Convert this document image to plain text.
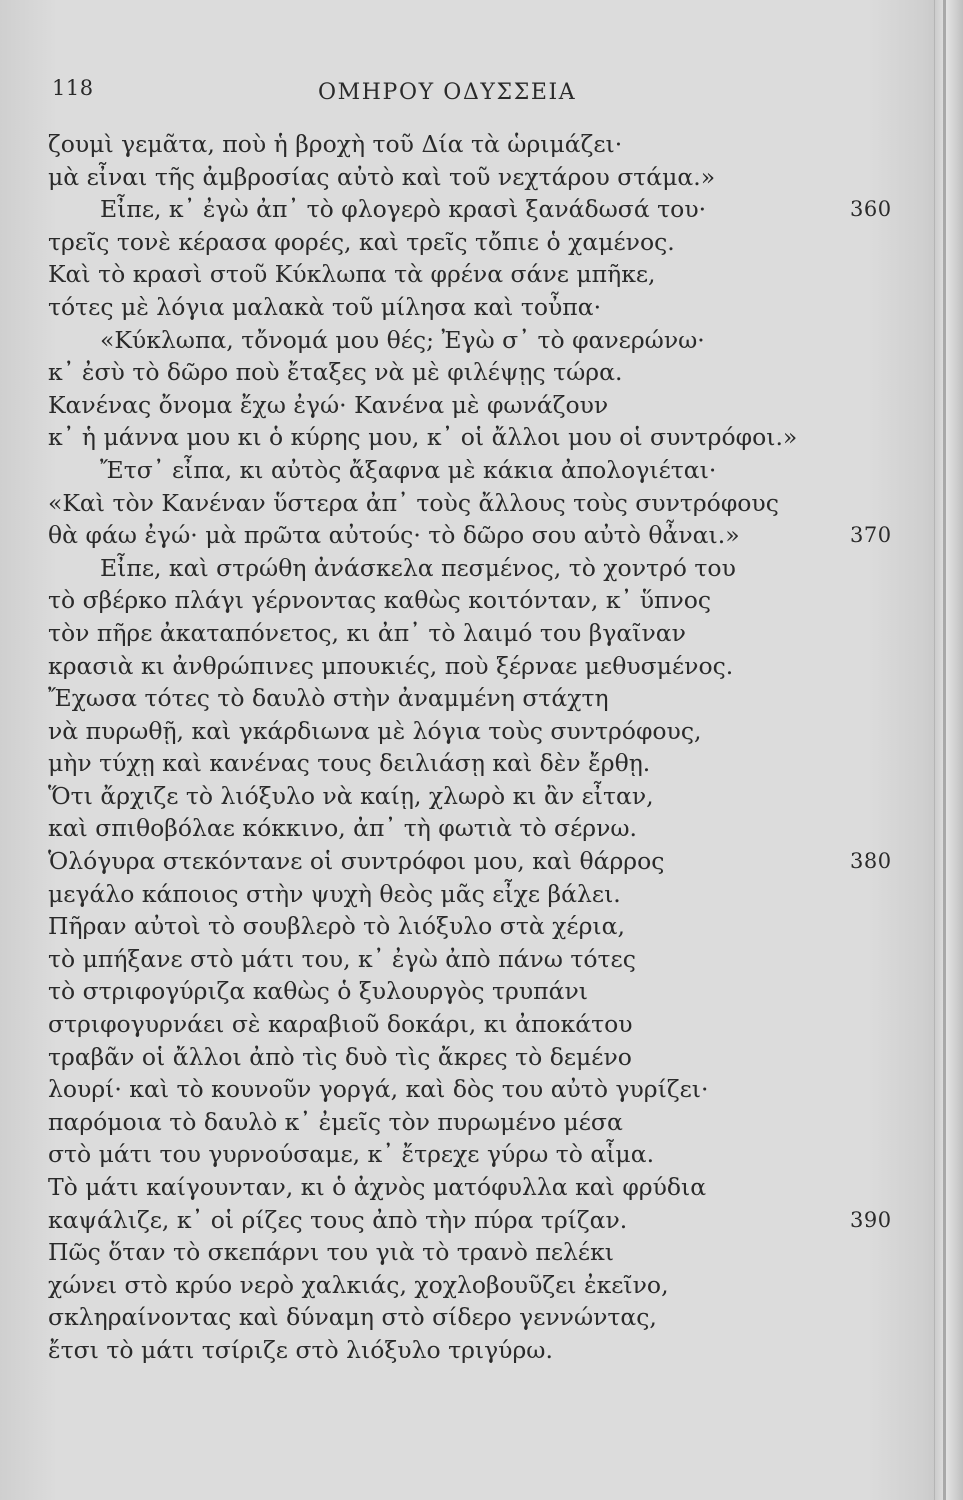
118	ΟΜΗΡΟΥ ΟΔΥΣΣΕΙΑ
ζουμὶ γεμᾶτα, ποὺ ἡ βροχὴ τοῦ Δία τὰ ὡριμάζει·
μὰ εἶναι τῆς ἀμβροσίας αὐτὸ καὶ τοῦ νεχτάρου στάμα.»
Εἶπε, κ᾽ ἐγὼ ἀπ᾽ τὸ φλογερὸ κρασὶ ξανάδωσά του·	360
τρεῖς τονὲ κέρασα φορές, καὶ τρεῖς τὄπιε ὁ χαμένος.
Καὶ τὸ κρασὶ στοῦ Κύκλωπα τὰ φρένα σάνε μπῆκε,
τότες μὲ λόγια μαλακὰ τοῦ μίλησα καὶ τοὖπα·
«Κύκλωπα, τὄνομά μου θές; Ἐγὼ σ᾽ τὸ φανερώνω·
κ᾽ ἐσὺ τὸ δῶρο ποὺ ἔταξες νὰ μὲ φιλέψῃς τώρα.
Κανένας ὄνομα ἔχω ἐγώ· Κανένα μὲ φωνάζουν
κ᾽ ἡ μάννα μου κι ὁ κύρης μου, κ᾽ οἱ ἄλλοι μου οἱ συντρόφοι.»
Ἔτσ᾽ εἶπα, κι αὐτὸς ἄξαφνα μὲ κάκια ἀπολογιέται·
«Καὶ τὸν Κανέναν ὕστερα ἀπ᾽ τοὺς ἄλλους τοὺς συντρόφους
θὰ φάω ἐγώ· μὰ πρῶτα αὐτούς· τὸ δῶρο σου αὐτὸ θἆναι.»	370
Εἶπε, καὶ στρώθη ἀνάσκελα πεσμένος, τὸ χοντρό του
τὸ σβέρκο πλάγι γέρνοντας καθὼς κοιτόνταν, κ᾽ ὕπνος
τὸν πῆρε ἀκαταπόνετος, κι ἀπ᾽ τὸ λαιμό του βγαῖναν
κρασιὰ κι ἀνθρώπινες μπουκιές, ποὺ ξέρναε μεθυσμένος.
Ἔχωσα τότες τὸ δαυλὸ στὴν ἀναμμένη στάχτη
νὰ πυρωθῇ, καὶ γκάρδιωνα μὲ λόγια τοὺς συντρόφους,
μὴν τύχῃ καὶ κανένας τους δειλιάσῃ καὶ δὲν ἔρθῃ.
Ὅτι ἄρχιζε τὸ λιόξυλο νὰ καίῃ, χλωρὸ κι ἂν εἶταν,
καὶ σπιθοβόλαε κόκκινο, ἀπ᾽ τὴ φωτιὰ τὸ σέρνω.
Ὁλόγυρα στεκόντανε οἱ συντρόφοι μου, καὶ θάρρος	380
μεγάλο κάποιος στὴν ψυχὴ θεὸς μᾶς εἶχε βάλει.
Πῆραν αὐτοὶ τὸ σουβλερὸ τὸ λιόξυλο στὰ χέρια,
τὸ μπήξανε στὸ μάτι του, κ᾽ ἐγὼ ἀπὸ πάνω τότες
τὸ στριφογύριζα καθὼς ὁ ξυλουργὸς τρυπάνι
στριφογυρνάει σὲ καραβιοῦ δοκάρι, κι ἀποκάτου
τραβᾶν οἱ ἄλλοι ἀπὸ τὶς δυὸ τὶς ἄκρες τὸ δεμένο
λουρί· καὶ τὸ κουνοῦν γοργά, καὶ δὸς του αὐτὸ γυρίζει·
παρόμοια τὸ δαυλὸ κ᾽ ἐμεῖς τὸν πυρωμένο μέσα
στὸ μάτι του γυρνούσαμε, κ᾽ ἔτρεχε γύρω τὸ αἷμα.
Τὸ μάτι καίγουνταν, κι ὁ ἀχνὸς ματόφυλλα καὶ φρύδια
καψάλιζε, κ᾽ οἱ ρίζες τους ἀπὸ τὴν πύρα τρίζαν.	390
Πῶς ὅταν τὸ σκεπάρνι του γιὰ τὸ τρανὸ πελέκι
χώνει στὸ κρύο νερὸ χαλκιάς, χοχλοβουῦζει ἐκεῖνο,
σκληραίνοντας καὶ δύναμη στὸ σίδερο γεννώντας,
ἔτσι τὸ μάτι τσίριζε στὸ λιόξυλο τριγύρω.
